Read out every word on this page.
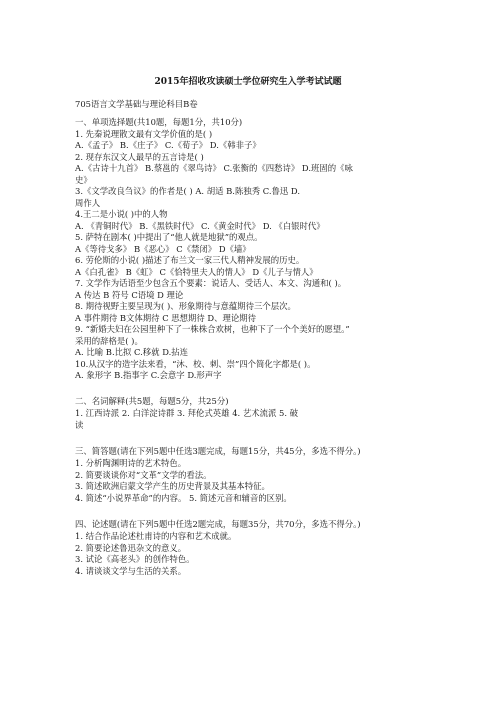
2015年招收攻读硕士学位研究生入学考试试题
705语言文学基础与理论科目B卷
一、单项选择题(共10题，每题1分，共10分)
1. 先秦说理散文最有文学价值的是( )
A.《孟子》 B.《庄子》 C.《荀子》 D.《韩非子》
2. 现存东汉文人最早的五言诗是( )
A.《古诗十九首》 B.蔡邕的《翠鸟诗》 C.张衡的《四愁诗》 D.班固的《咏
史》
3.《文学改良刍议》的作者是( ) A. 胡适 B.陈独秀 C.鲁迅 D.
周作人
4.王二是小说( )中的人物
A. 《青铜时代》 B.《黑铁时代》 C.《黄金时代》 D. 《白银时代》
5. 萨特在剧本( )中提出了“他人就是地狱”的观点。
A《等待戈多》 B《恶心》 C《禁闭》 D《墙》
6. 劳伦斯的小说( )描述了布兰文一家三代人精神发展的历史。
A《白孔雀》 B《虹》 C《恰特里夫人的情人》 D《儿子与情人》
7. 文学作为话语至少包含五个要素：说话人、受话人、本文、沟通和( )。
A 传达 B 符号 C语境 D 理论
8. 期待视野主要呈现为( )、形象期待与意蕴期待三个层次。
A 事件期待 B文体期待 C 思想期待 D、理论期待
9. “新婚夫妇在公园里种下了一株株合欢树，也种下了一个个美好的愿望。”
采用的辞格是( )。
A. 比喻 B.比拟 C.移就 D.拈连
10.从汉字的造字法来看，“沐、校、刺、崇”四个简化字都是( )。
A. 象形字 B.指事字 C.会意字 D.形声字
二、名词解释(共5题，每题5分，共25分)
1. 江西诗派 2. 白洋淀诗群 3. 拜伦式英雄 4. 艺术流派 5. 破
读
三、简答题(请在下列5题中任选3题完成，每题15分，共45分，多选不得分。)
1. 分析陶渊明诗的艺术特色。
2. 简要谈谈你对“文革”文学的看法。
3. 简述欧洲启蒙文学产生的历史背景及其基本特征。
4. 简述“小说界革命”的内容。 5. 简述元音和辅音的区别。
四、论述题(请在下列5题中任选2题完成，每题35分，共70分，多选不得分。)
1. 结合作品论述杜甫诗的内容和艺术成就。
2. 简要论述鲁迅杂文的意义。
3. 试论《高老头》的创作特色。
4. 请谈谈文学与生活的关系。
